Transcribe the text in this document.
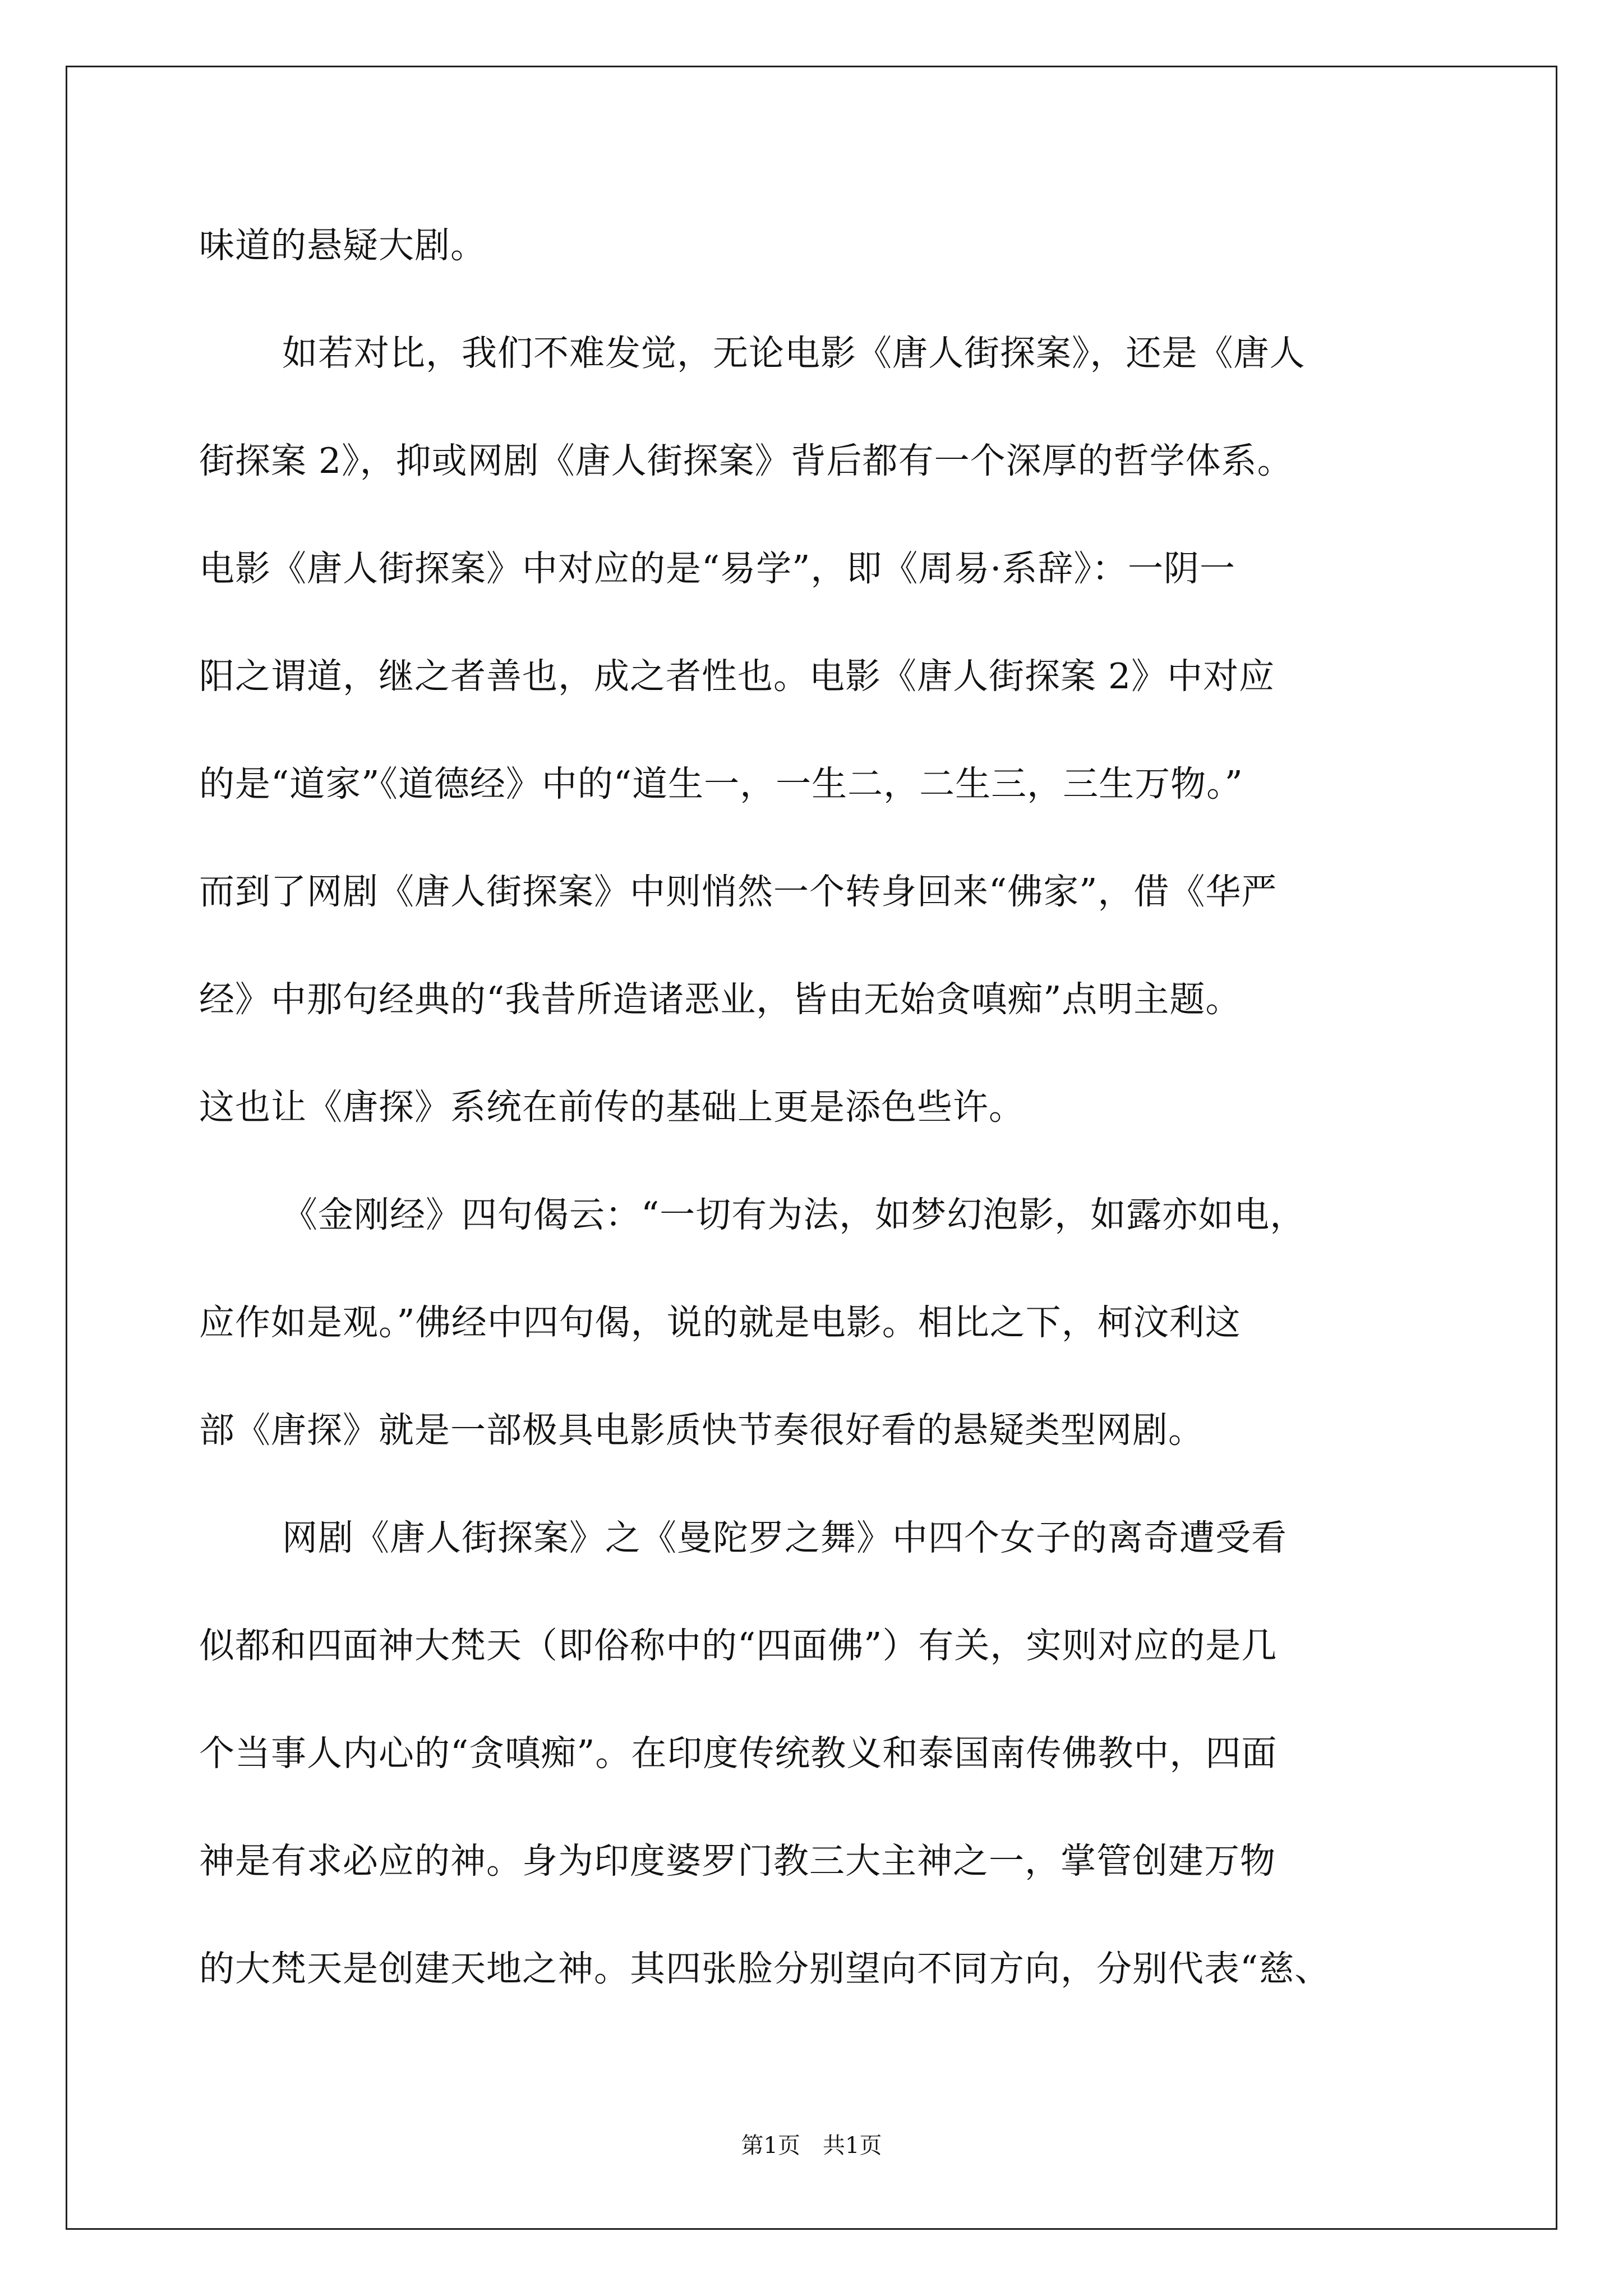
味道的悬疑大剧。
如若对比，我们不难发觉，无论电影《唐人街探案》，还是《唐人
街探案 2》，抑或网剧《唐人街探案》背后都有一个深厚的哲学体系。
电影《唐人街探案》中对应的是“易学”，即《周易·系辞》：一阴一
阳之谓道，继之者善也，成之者性也。电影《唐人街探案 2》中对应
的是“道家”《道德经》中的“道生一，一生二，二生三，三生万物。”
而到了网剧《唐人街探案》中则悄然一个转身回来“佛家”，借《华严
经》中那句经典的“我昔所造诸恶业，皆由无始贪嗔痴”点明主题。
这也让《唐探》系统在前传的基础上更是添色些许。
《金刚经》四句偈云：“一切有为法，如梦幻泡影，如露亦如电，
应作如是观。”佛经中四句偈，说的就是电影。相比之下，柯汶利这
部《唐探》就是一部极具电影质快节奏很好看的悬疑类型网剧。
网剧《唐人街探案》之《曼陀罗之舞》中四个女子的离奇遭受看
似都和四面神大梵天（即俗称中的“四面佛”）有关，实则对应的是几
个当事人内心的“贪嗔痴”。在印度传统教义和泰国南传佛教中，四面
神是有求必应的神。身为印度婆罗门教三大主神之一，掌管创建万物
的大梵天是创建天地之神。其四张脸分别望向不同方向，分别代表“慈、
第1页　共1页
